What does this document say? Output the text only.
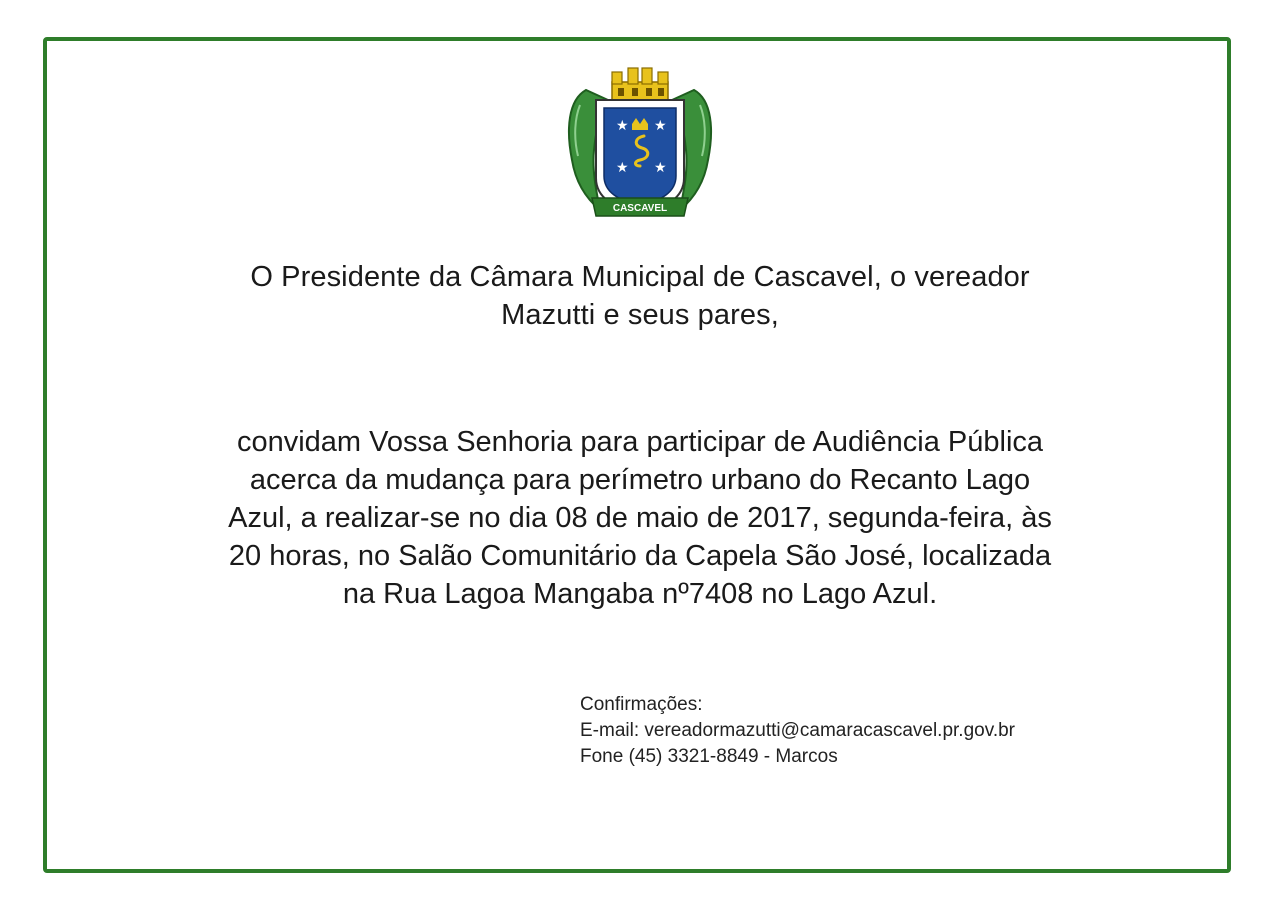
★ ★
★ ★
CASCAVEL
O Presidente da Câmara Municipal de Cascavel, o vereador
Mazutti e seus pares,
convidam Vossa Senhoria para participar de Audiência Pública
acerca da mudança para perímetro urbano do Recanto Lago
Azul, a realizar-se no dia 08 de maio de 2017, segunda-feira, às
20 horas, no Salão Comunitário da Capela São José, localizada
na Rua Lagoa Mangaba nº7408 no Lago Azul.
Confirmações:
E-mail: vereadormazutti@camaracascavel.pr.gov.br
Fone (45) 3321-8849 - Marcos
